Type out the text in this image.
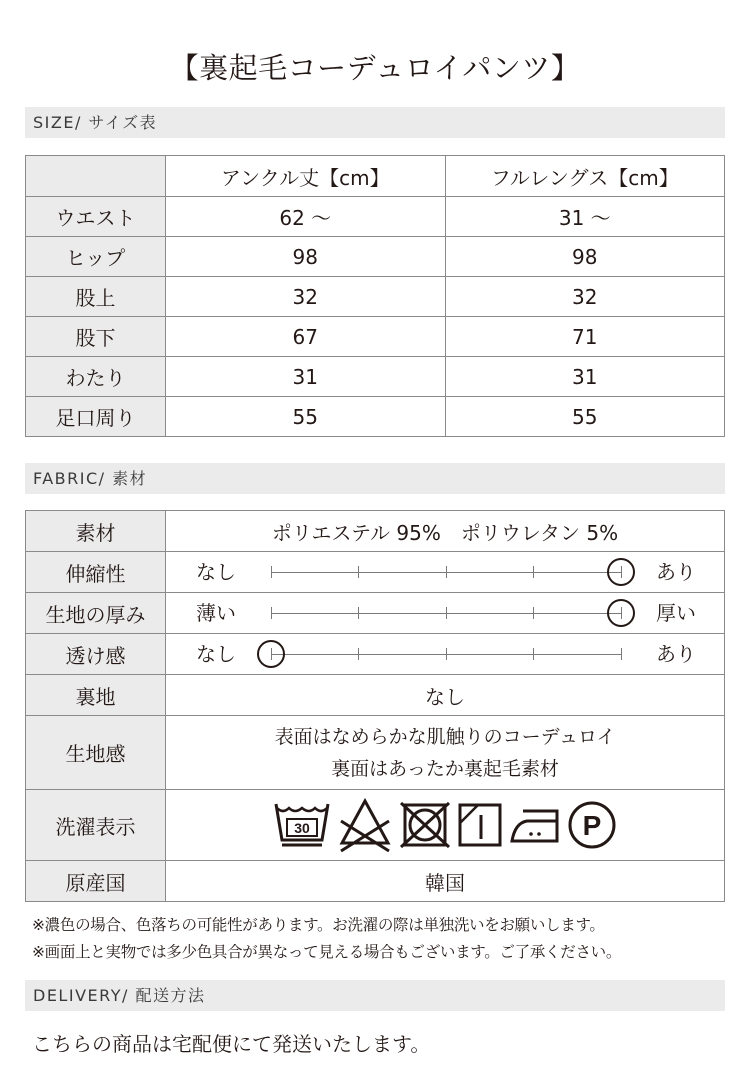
【裏起毛コーデュロイパンツ】
SIZE/ サイズ表
	アンクル丈【cm】	フルレングス【cm】
ウエスト	62 ～	31 ～
ヒップ	98	98
股上	32	32
股下	67	71
わたり	31	31
足口周り	55	55
FABRIC/ 素材
素材	ポリエステル 95%　ポリウレタン 5%
伸縮性	なし あり

生地の厚み	薄い 厚い

透け感	なし あり

裏地	なし
生地感	表面はなめらかな肌触りのコーデュロイ
裏面はあったか裏起毛素材

洗濯表示	30 P

原産国	韓国
※濃色の場合、色落ちの可能性があります。お洗濯の際は単独洗いをお願いします。
※画面上と実物では多少色具合が異なって見える場合もございます。ご了承ください。
DELIVERY/ 配送方法
こちらの商品は宅配便にて発送いたします。
